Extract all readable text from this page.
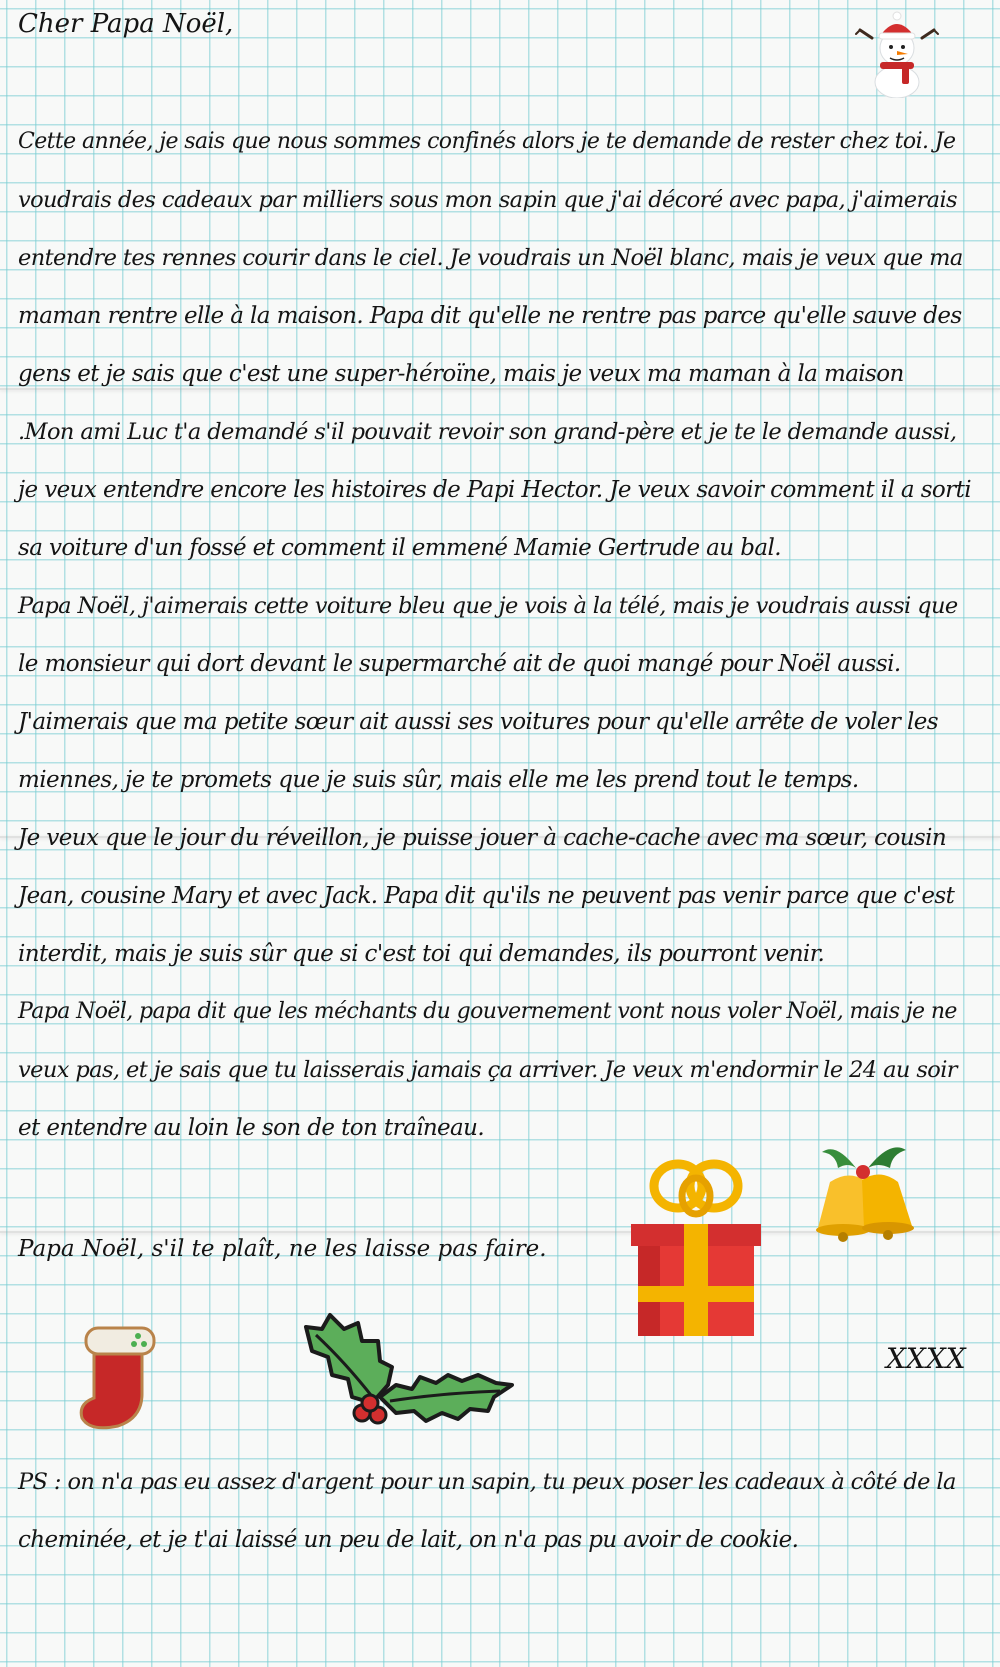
Cher Papa Noël,
Cette année, je sais que nous sommes confinés alors je te demande de rester chez toi. Je
voudrais des cadeaux par milliers sous mon sapin que j'ai décoré avec papa, j'aimerais
entendre tes rennes courir dans le ciel. Je voudrais un Noël blanc, mais je veux que ma
maman rentre elle à la maison. Papa dit qu'elle ne rentre pas parce qu'elle sauve des
gens et je sais que c'est une super-héroïne, mais je veux ma maman à la maison
.Mon ami Luc t'a demandé s'il pouvait revoir son grand-père et je te le demande aussi,
je veux entendre encore les histoires de Papi Hector. Je veux savoir comment il a sorti
sa voiture d'un fossé et comment il emmené Mamie Gertrude au bal.
Papa Noël, j'aimerais cette voiture bleu que je vois à la télé, mais je voudrais aussi que
le monsieur qui dort devant le supermarché ait de quoi mangé pour Noël aussi.
J'aimerais que ma petite sœur ait aussi ses voitures pour qu'elle arrête de voler les
miennes, je te promets que je suis sûr, mais elle me les prend tout le temps.
Je veux que le jour du réveillon, je puisse jouer à cache-cache avec ma sœur, cousin
Jean, cousine Mary et avec Jack. Papa dit qu'ils ne peuvent pas venir parce que c'est
interdit, mais je suis sûr que si c'est toi qui demandes, ils pourront venir.
Papa Noël, papa dit que les méchants du gouvernement vont nous voler Noël, mais je ne
veux pas, et je sais que tu laisserais jamais ça arriver. Je veux m'endormir le 24 au soir
et entendre au loin le son de ton traîneau.
Papa Noël, s'il te plaît, ne les laisse pas faire.
PS : on n'a pas eu assez d'argent pour un sapin, tu peux poser les cadeaux à côté de la
cheminée, et je t'ai laissé un peu de lait, on n'a pas pu avoir de cookie.
XXXX
